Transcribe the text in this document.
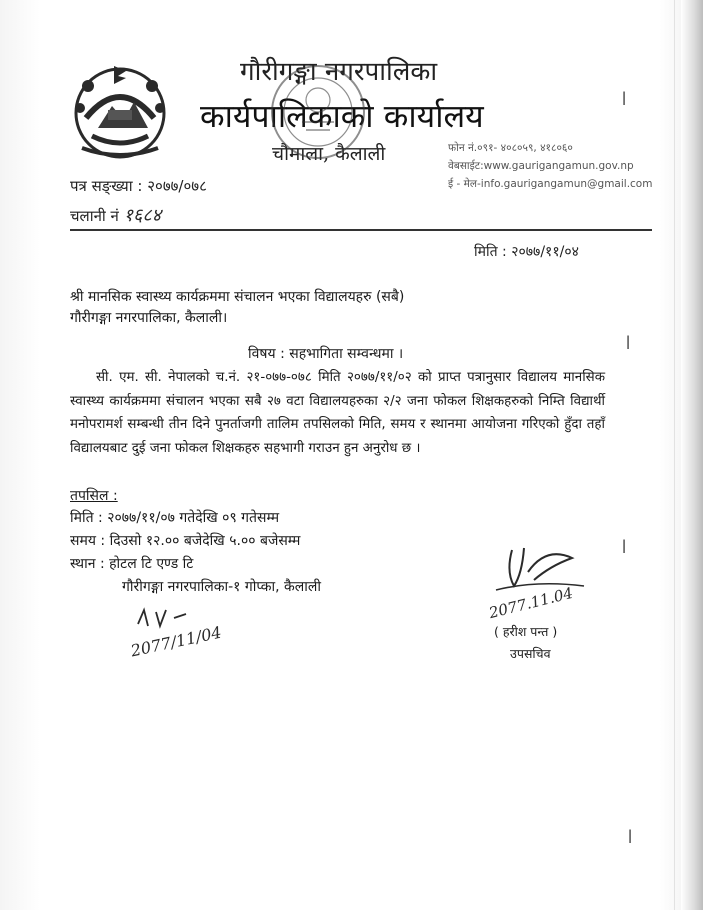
गौरीगङ्गा नगरपालिका
कार्यपालिकाको कार्यालय
चौमाला, कैलाली	फोन नं.०९१- ४०८०५९, ४१८०६०
वेबसाईट:www.gaurigangamun.gov.np
ई - मेल-info.gaurigangamun@gmail.com
पत्र सङ्ख्या : २०७७/०७८
चलानी नं १६८४
मिति : २०७७/११/०४
श्री मानसिक स्वास्थ्य कार्यक्रममा संचालन भएका विद्यालयहरु (सबै)
गौरीगङ्गा नगरपालिका, कैलाली।
विषय : सहभागिता सम्वन्धमा ।
सी. एम. सी. नेपालको च.नं. २१-०७७-०७८ मिति २०७७/११/०२ को प्राप्त पत्रानुसार विद्यालय मानसिक स्वास्थ्य कार्यक्रममा संचालन भएका सबै २७ वटा विद्यालयहरुका २/२ जना फोकल शिक्षकहरुको निम्ति विद्यार्थी मनोपरामर्श सम्बन्धी तीन दिने पुनर्ताजगी तालिम तपसिलको मिति, समय र स्थानमा आयोजना गरिएको हुँदा तहाँ विद्यालयबाट दुई जना फोकल शिक्षकहरु सहभागी गराउन हुन अनुरोध छ ।
तपसिल :
मिति : २०७७/११/०७ गतेदेखि ०९ गतेसम्म
समय : दिउसो १२.०० बजेदेखि ५.०० बजेसम्म
स्थान : होटल टि एण्ड टि
गौरीगङ्गा नगरपालिका-१ गोप्का, कैलाली	2077.11.04
( हरीश पन्त )
उपसचिव
2077/11/04
ǀ
ǀ
ǀ
ǀ
